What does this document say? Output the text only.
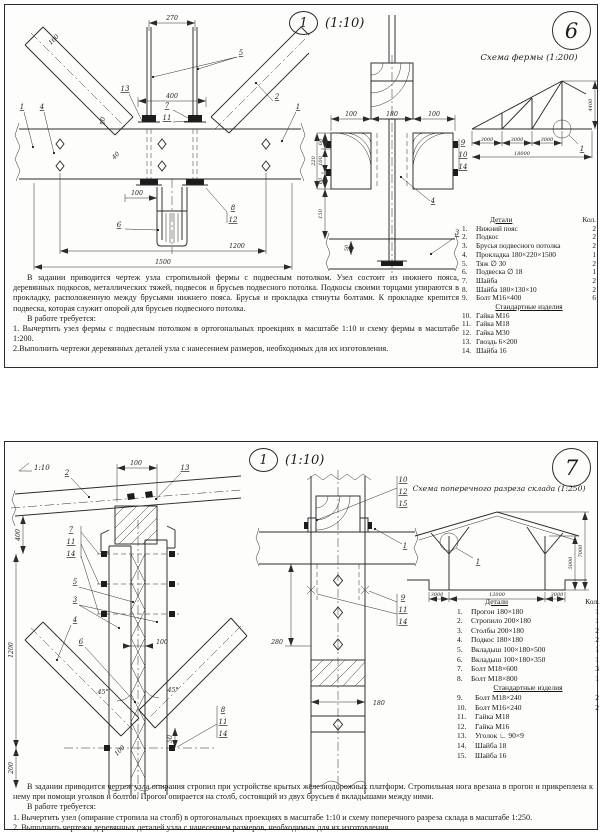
1 (1:10)	6
270
400
160
50
40
100
1200
1500
5
13
7
11
2
1
1 4
6
8
12
100	180	100
60
100
60
220
150
50
9
10
14
4
3
Схема фермы (1:200)
1
3000	3000	3000
18000
4400
Детали	Кол.
1.	Нижний пояс	2
2.	Подкос	2
3.	Брусья подвесного потолка	2
4.	Прокладка 180×220×1500	1
5.	Тяж ∅ 30	2
6.	Подвеска ∅ 18	1
7.	Шайба	2
8.	Шайба 180×130×10	2
9.	Болт М16×400	6
Стандартные изделия
10. Гайка М16
11. Гайка М18
12. Гайка М30
13. Гвоздь 6×200
14. Шайба 16
В задании приводится чертеж узла стропильной фермы с подвесным потолком. Узел состоит из нижнего пояса, деревянных подкосов, металлических тяжей, подвесок и брусьев подвесного потолка. Подкосы своими торцами упираются в прокладку, расположенную между брусьями нижнего пояса. Брусья и прокладка стянуты болтами. К прокладке крепится подвеска, которая служит опорой для брусьев подвесного потолка.
В работе требуется:
1. Вычертить узел фермы с подвесным потолком в ортогональных проекциях в масштабе 1:10 и схему фермы в масштабе 1:200.
2.Выполнить чертежи деревянных деталей узла с нанесением размеров, необходимых для их изготовления.
1 (1:10)	7
1:10
45°	45°
100
400
1200
200
100
50
100
2
13
7
11
14
5
3
4
6
8
11
14
280
180
10
12
15
1
9
11
14
Схема поперечного разреза склада (1:250)
1
3000	12000	3000
5000
7000
Детали	Кол.
1.	Прогон 180×180	1
2.	Стропило 200×180	1
3.	Столбы 200×180	2
4.	Подкос 180×180	2
5.	Вкладыш 100×180×500	1
6.	Вкладыш 100×180×350	1
7.	Болт М18×600	3
8.	Болт М18×800	1
Стандартные изделия
9.	Болт М18×240	2
10.	Болт М16×240	2
11.	Гайка М18
12.	Гайка М16
13.	Уголок ∟ 90×9
14.	Шайба 18
15.	Шайба 16
В задании приводится чертеж узла опирания стропил при устройстве крытых железнодорожных платформ. Стропильная нога врезана в прогон и прикреплена к нему при помощи уголков и болтов. Прогон опирается на столб, состоящий из двух брусьев с вкладышами между ними.
В работе требуется:
1. Вычертить узел (опирание стропила на столб) в ортогональных проекциях в масштабе 1:10 и схему поперечного разреза склада в масштабе 1:250.
2. Выполнить чертежи деревянных деталей узла с нанесением размеров, необходимых для их изготовления.
